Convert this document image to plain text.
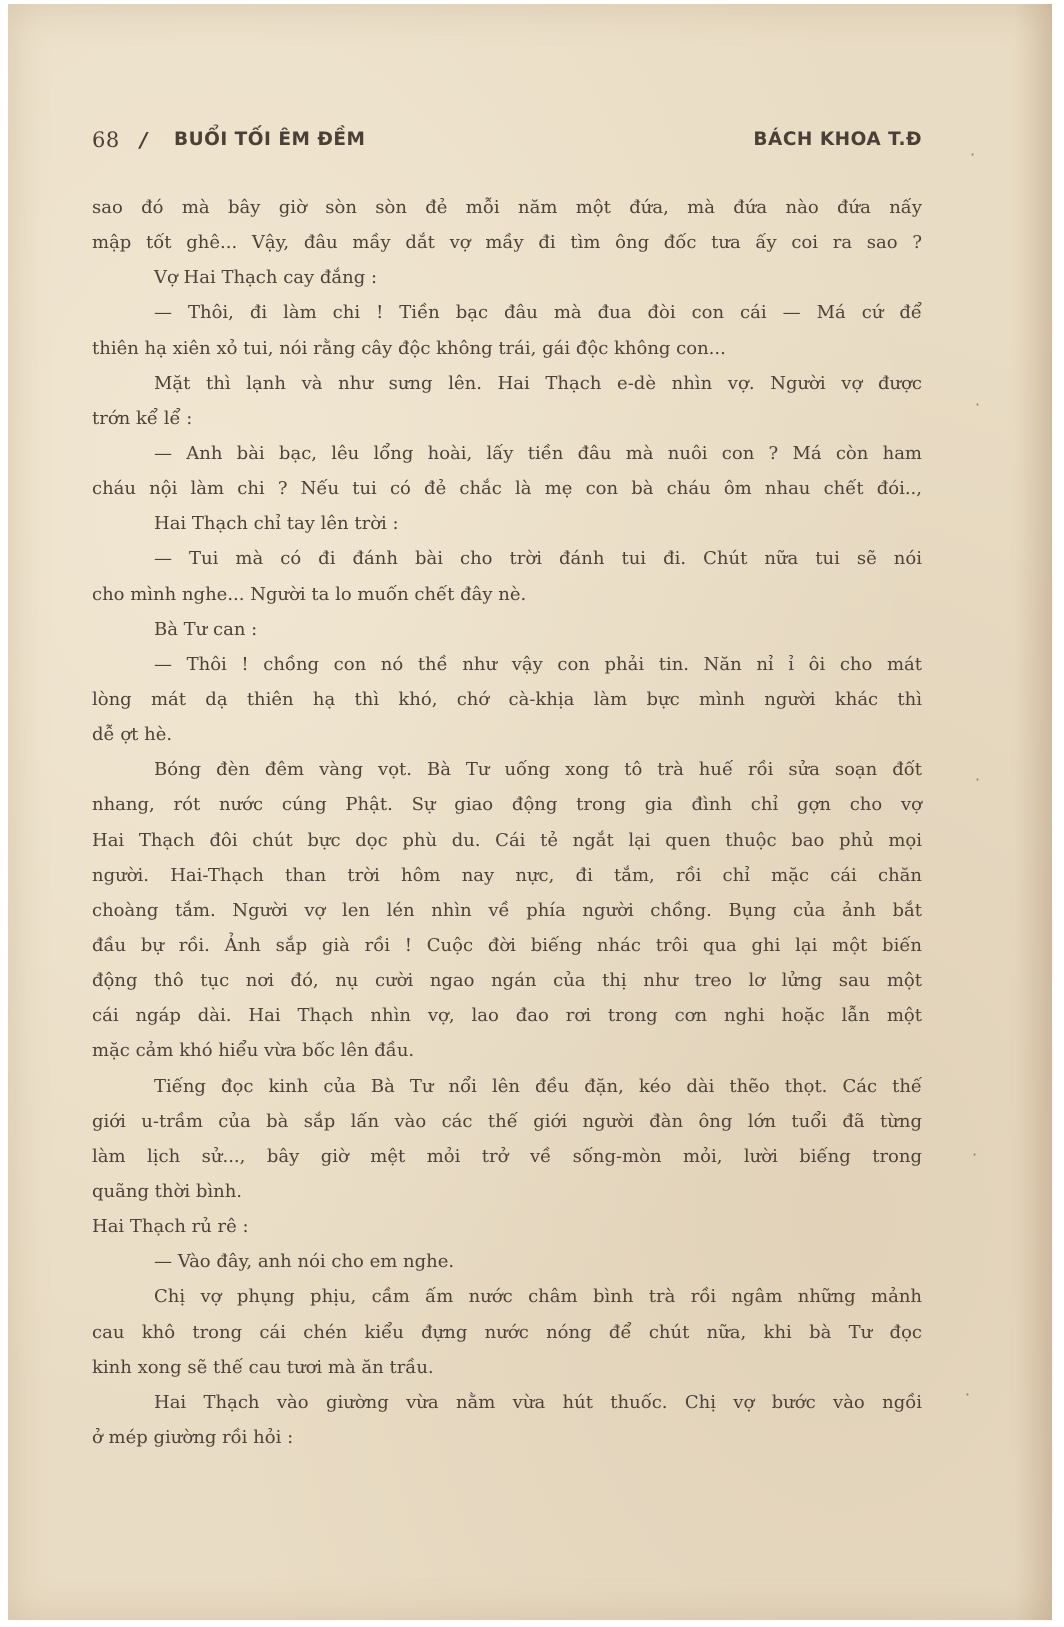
68 / BUỔI TỐI ÊM ĐỀM	BÁCH KHOA T.Đ
sao đó mà bây giờ sòn sòn đẻ mỗi năm một đứa, mà đứa nào đứa nấy
mập tốt ghê... Vậy, đâu mầy dắt vợ mầy đi tìm ông đốc tưa ấy coi ra sao ?
Vợ Hai Thạch cay đắng :
— Thôi, đi làm chi ! Tiền bạc đâu mà đua đòi con cái — Má cứ để
thiên hạ xiên xỏ tui, nói rằng cây độc không trái, gái độc không con...
Mặt thì lạnh và như sưng lên. Hai Thạch e-dè nhìn vợ. Người vợ được
trớn kể lể :
— Anh bài bạc, lêu lổng hoài, lấy tiền đâu mà nuôi con ? Má còn ham
cháu nội làm chi ? Nếu tui có đẻ chắc là mẹ con bà cháu ôm nhau chết đói..,
Hai Thạch chỉ tay lên trời :
— Tui mà có đi đánh bài cho trời đánh tui đi. Chút nữa tui sẽ nói
cho mình nghe... Người ta lo muốn chết đây nè.
Bà Tư can :
— Thôi ! chồng con nó thề như vậy con phải tin. Năn nỉ ỉ ôi cho mát
lòng mát dạ thiên hạ thì khó, chớ cà-khịa làm bực mình người khác thì
dễ ợt hè.
Bóng đèn đêm vàng vọt. Bà Tư uống xong tô trà huế rồi sửa soạn đốt
nhang, rót nước cúng Phật. Sự giao động trong gia đình chỉ gợn cho vợ
Hai Thạch đôi chút bực dọc phù du. Cái tẻ ngắt lại quen thuộc bao phủ mọi
người. Hai-Thạch than trời hôm nay nực, đi tắm, rồi chỉ mặc cái chăn
choàng tắm. Người vợ len lén nhìn về phía người chồng. Bụng của ảnh bắt
đầu bự rồi. Ảnh sắp già rồi ! Cuộc đời biếng nhác trôi qua ghi lại một biến
động thô tục nơi đó, nụ cười ngao ngán của thị như treo lơ lửng sau một
cái ngáp dài. Hai Thạch nhìn vợ, lao đao rơi trong cơn nghi hoặc lẫn một
mặc cảm khó hiểu vừa bốc lên đầu.
Tiếng đọc kinh của Bà Tư nổi lên đều đặn, kéo dài thẽo thọt. Các thế
giới u-trầm của bà sắp lấn vào các thế giới người đàn ông lớn tuổi đã từng
làm lịch sử..., bây giờ mệt mỏi trở về sống-mòn mỏi, lười biếng trong
quãng thời bình.
Hai Thạch rủ rê :
— Vào đây, anh nói cho em nghe.
Chị vợ phụng phịu, cầm ấm nước châm bình trà rồi ngâm những mảnh
cau khô trong cái chén kiểu đựng nước nóng để chút nữa, khi bà Tư đọc
kinh xong sẽ thế cau tươi mà ăn trầu.
Hai Thạch vào giường vừa nằm vừa hút thuốc. Chị vợ bước vào ngồi
ở mép giường rồi hỏi :
·
·
·
·
·
